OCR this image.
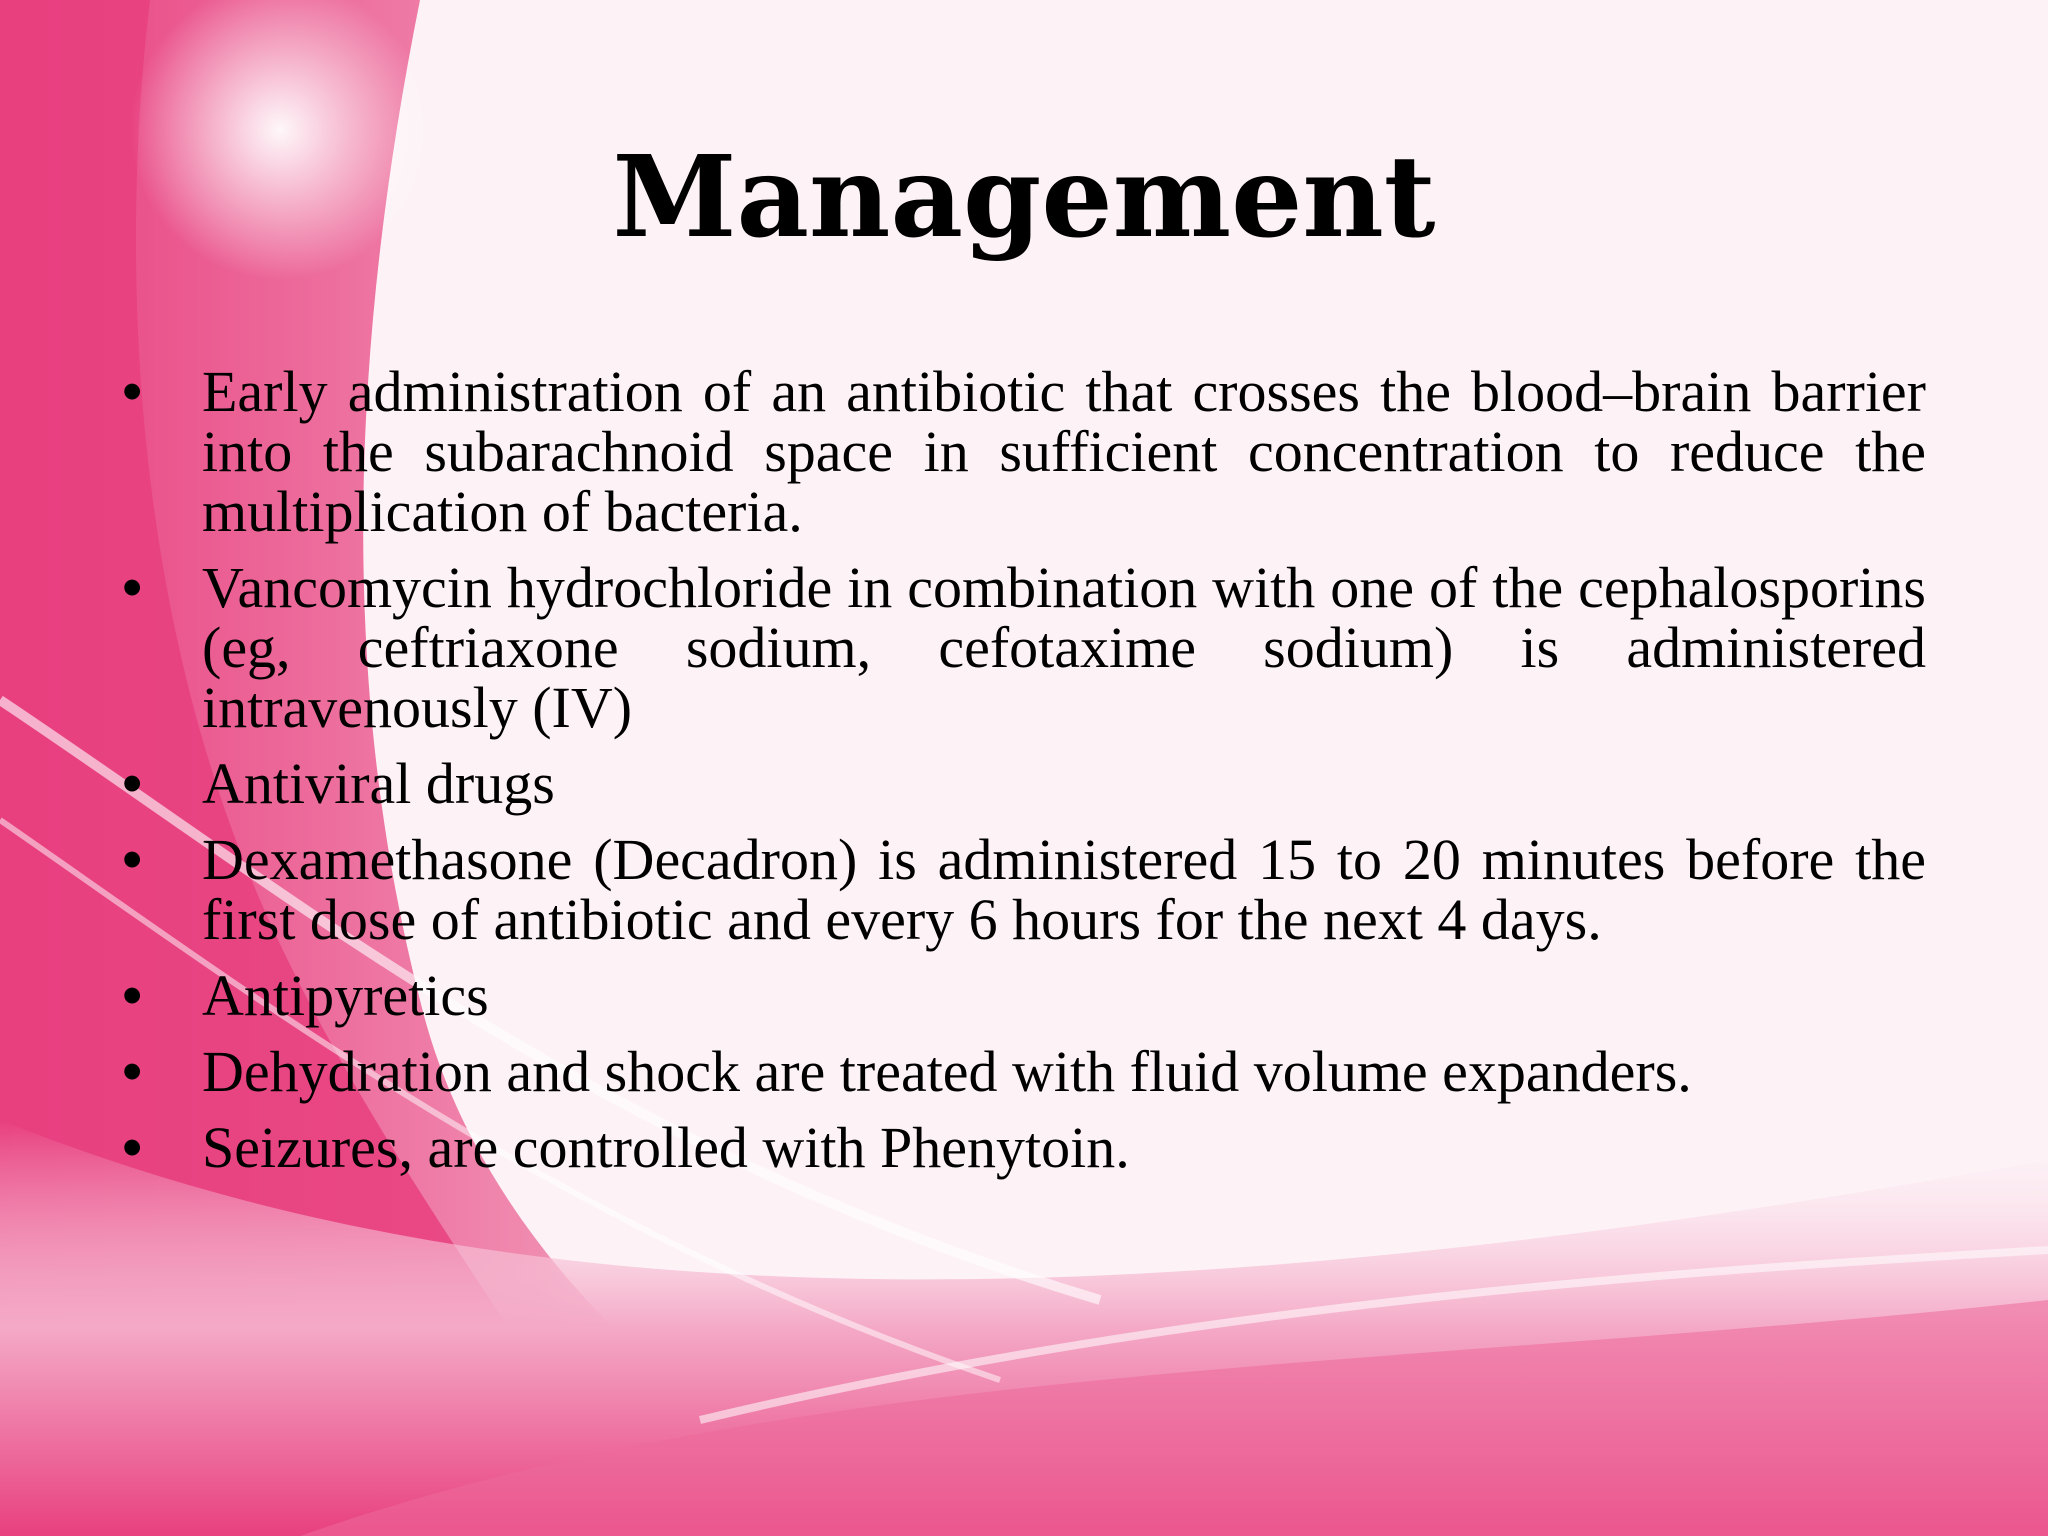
Management
•	Early administration of an antibiotic that crosses the blood–brain barrier into the subarachnoid space in sufficient concentration to reduce the multiplication of bacteria.
•	Vancomycin hydrochloride in combination with one of the cephalosporins (eg, ceftriaxone sodium, cefotaxime sodium) is administered intravenously (IV)
•	Antiviral drugs
•	Dexamethasone (Decadron) is administered 15 to 20 minutes before the first dose of antibiotic and every 6 hours for the next 4 days.
•	Antipyretics
•	Dehydration and shock are treated with fluid volume expanders.
•	Seizures, are controlled with Phenytoin.
